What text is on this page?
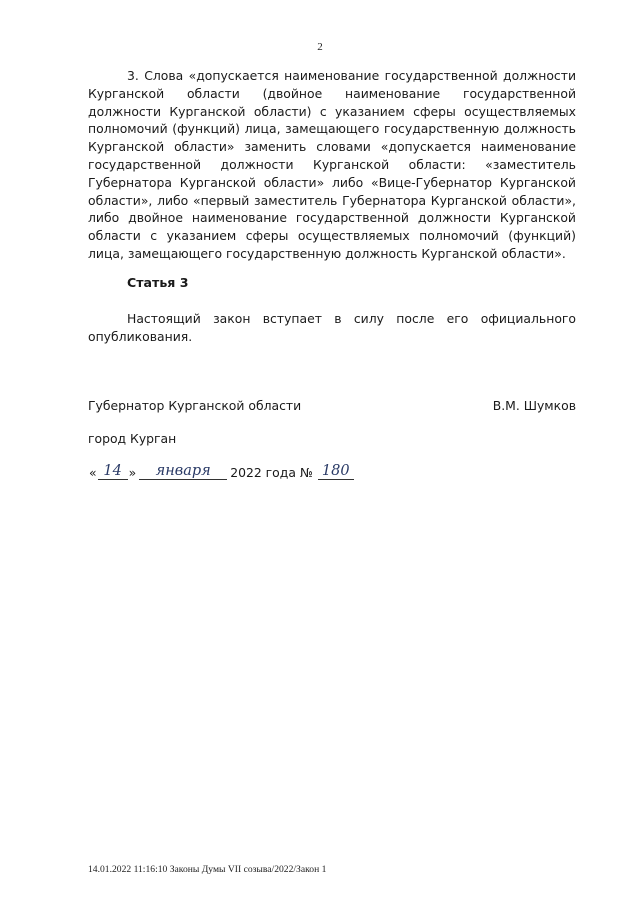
2

3. Слова «допускается наименование государственной должности Курганской области (двойное наименование государственной должности Курганской области) с указанием сферы осуществляемых полномочий (функций) лица, замещающего государственную должность Курганской области» заменить словами «допускается наименование государственной должности Курганской области: «заместитель Губернатора Курганской области» либо «Вице-Губернатор Курганской области», либо «первый заместитель Губернатора Курганской области», либо двойное наименование государственной должности Курганской области с указанием сферы осуществляемых полномочий (функций) лица, замещающего государственную должность Курганской области».

Статья 3

Настоящий закон вступает в силу после его официального опубликования.

Губернатор Курганской области	В.М. Шумков
город Курган
« 14 »	января	2022 года № 180
14.01.2022 11:16:10 Законы Думы VII созыва/2022/Закон 1
